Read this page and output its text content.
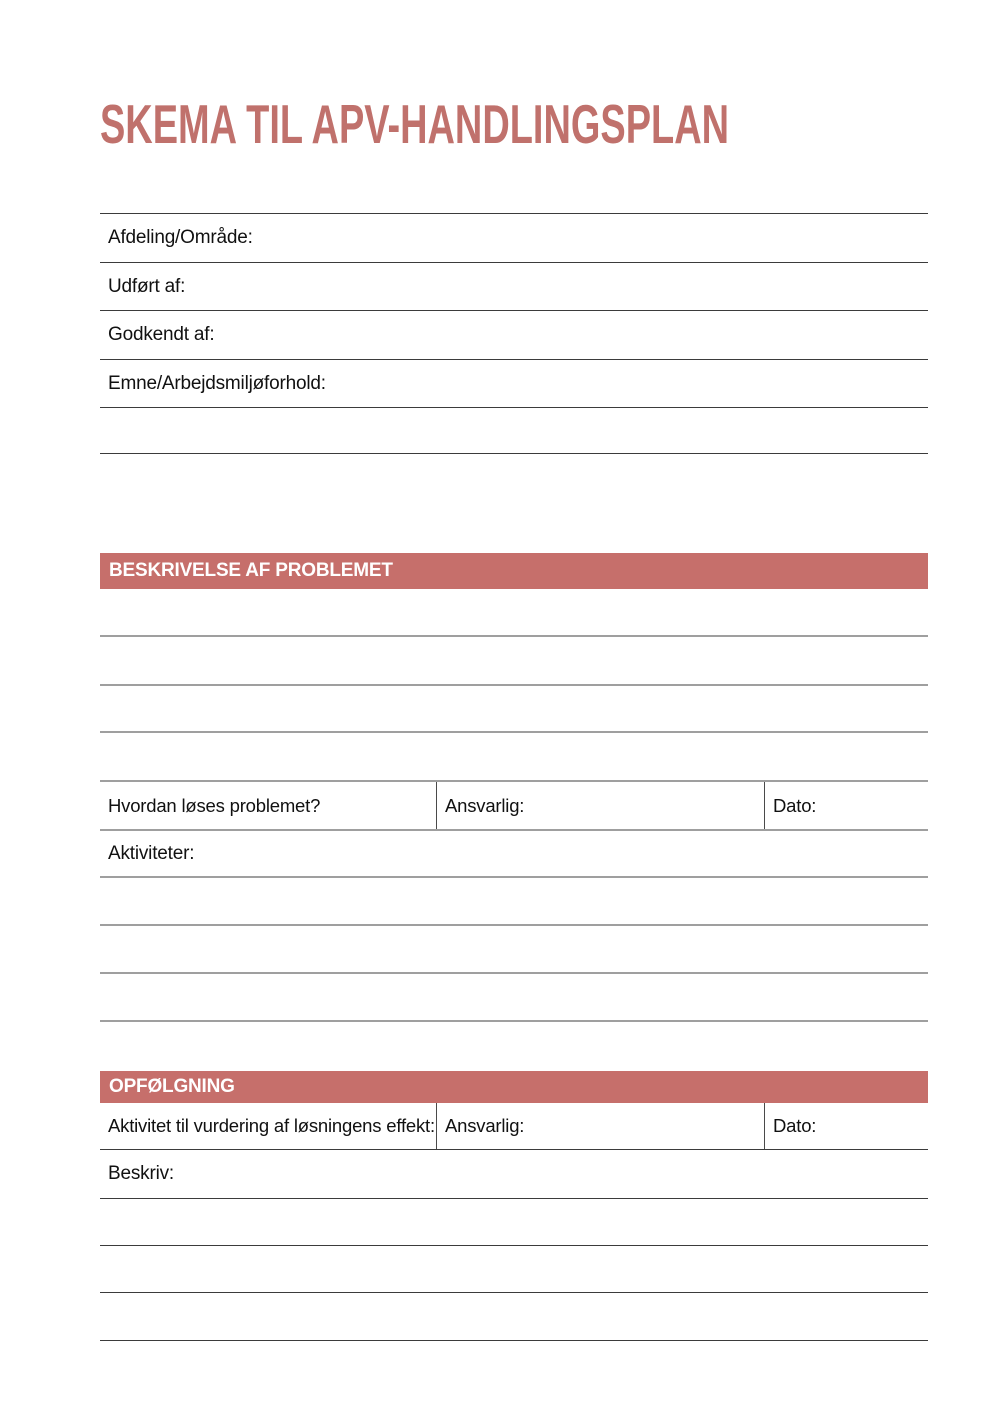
SKEMA TIL APV-HANDLINGSPLAN
Afdeling/Område:
Udført af:
Godkendt af:
Emne/Arbejdsmiljøforhold:
BESKRIVELSE AF PROBLEMET
Hvordan løses problemet?	Ansvarlig:	Dato:
Aktiviteter:
OPFØLGNING
Aktivitet til vurdering af løsningens effekt: Ansvarlig:	Dato:
Beskriv:
